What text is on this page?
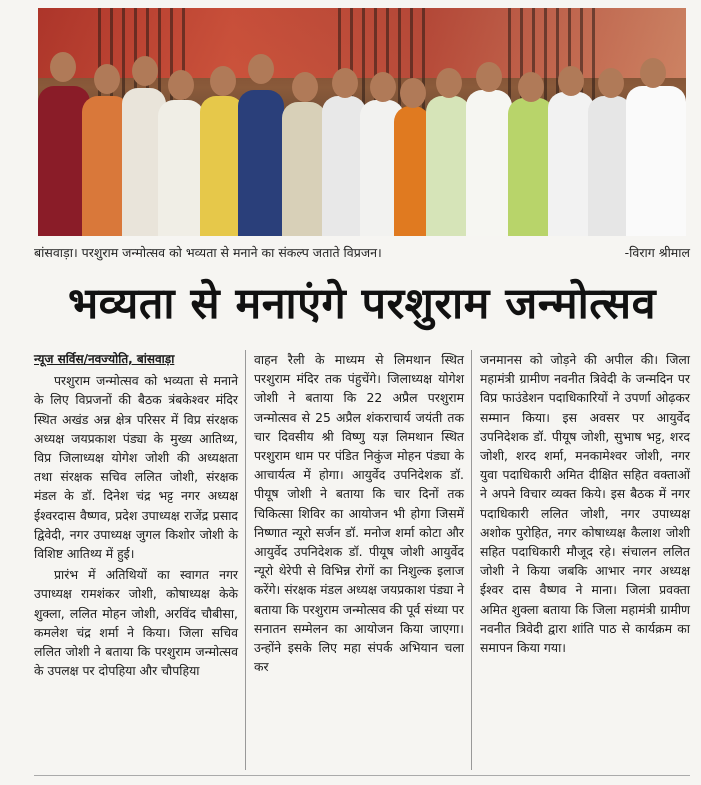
बांसवाड़ा। परशुराम जन्मोत्सव को भव्यता से मनाने का संकल्प जताते विप्रजन।	-विराग श्रीमाल
भव्यता से मनाएंगे परशुराम जन्मोत्सव
न्यूज सर्विस/नवज्योति, बांसवाड़ा

परशुराम जन्मोत्सव को भव्यता से मनाने के लिए विप्रजनों की बैठक त्रंबकेश्वर मंदिर स्थित अखंड अन्न क्षेत्र परिसर में विप्र संरक्षक अध्यक्ष जयप्रकाश पंड्या के मुख्य आतिथ्य, विप्र जिलाध्यक्ष योगेश जोशी की अध्यक्षता तथा संरक्षक सचिव ललित जोशी, संरक्षक मंडल के डॉ. दिनेश चंद्र भट्ट नगर अध्यक्ष ईश्वरदास वैष्णव, प्रदेश उपाध्यक्ष राजेंद्र प्रसाद द्विवेदी, नगर उपाध्यक्ष जुगल किशोर जोशी के विशिष्ट आतिथ्य में हुई।

प्रारंभ में अतिथियों का स्वागत नगर उपाध्यक्ष रामशंकर जोशी, कोषाध्यक्ष केके शुक्ला, ललित मोहन जोशी, अरविंद चौबीसा, कमलेश चंद्र शर्मा ने किया। जिला सचिव ललित जोशी ने बताया कि परशुराम जन्मोत्सव के उपलक्ष पर दोपहिया और चौपहिया

वाहन रैली के माध्यम से लिमथान स्थित परशुराम मंदिर तक पंहुचेंगे। जिलाध्यक्ष योगेश जोशी ने बताया कि 22 अप्रैल परशुराम जन्मोत्सव से 25 अप्रैल शंकराचार्य जयंती तक चार दिवसीय श्री विष्णु यज्ञ लिमथान स्थित परशुराम धाम पर पंडित निकुंज मोहन पंड्या के आचार्यत्व में होगा। आयुर्वेद उपनिदेशक डॉ. पीयूष जोशी ने बताया कि चार दिनों तक चिकित्सा शिविर का आयोजन भी होगा जिसमें निष्णात न्यूरो सर्जन डॉ. मनोज शर्मा कोटा और आयुर्वेद उपनिदेशक डॉ. पीयूष जोशी आयुर्वेद न्यूरो थेरेपी से विभिन्न रोगों का निशुल्क इलाज करेंगे। संरक्षक मंडल अध्यक्ष जयप्रकाश पंड्या ने बताया कि परशुराम जन्मोत्सव की पूर्व संध्या पर सनातन सम्मेलन का आयोजन किया जाएगा। उन्होंने इसके लिए महा संपर्क अभियान चला कर

जनमानस को जोड़ने की अपील की। जिला महामंत्री ग्रामीण नवनीत त्रिवेदी के जन्मदिन पर विप्र फाउंडेशन पदाधिकारियों ने उपर्णा ओढ़कर सम्मान किया। इस अवसर पर आयुर्वेद उपनिदेशक डॉ. पीयूष जोशी, सुभाष भट्ट, शरद जोशी, शरद शर्मा, मनकामेश्वर जोशी, नगर युवा पदाधिकारी अमित दीक्षित सहित वक्ताओं ने अपने विचार व्यक्त किये। इस बैठक में नगर पदाधिकारी ललित जोशी, नगर उपाध्यक्ष अशोक पुरोहित, नगर कोषाध्यक्ष कैलाश जोशी सहित पदाधिकारी मौजूद रहे। संचालन ललित जोशी ने किया जबकि आभार नगर अध्यक्ष ईश्वर दास वैष्णव ने माना। जिला प्रवक्ता अमित शुक्ला बताया कि जिला महामंत्री ग्रामीण नवनीत त्रिवेदी द्वारा शांति पाठ से कार्यक्रम का समापन किया गया।
